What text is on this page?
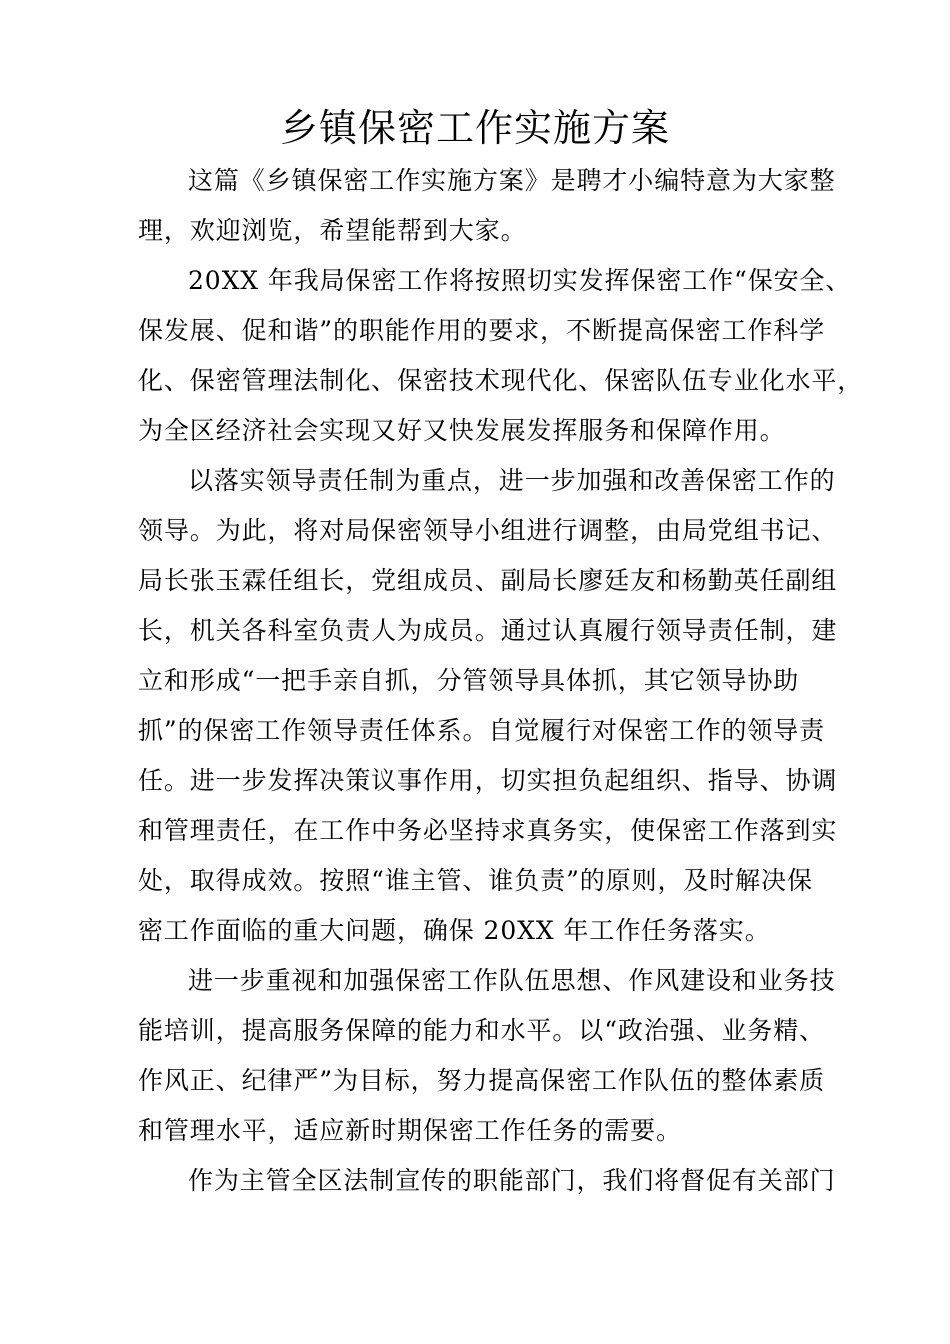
乡镇保密工作实施方案
这篇《乡镇保密工作实施方案》是聘才小编特意为大家整
理，欢迎浏览，希望能帮到大家。
20XX 年我局保密工作将按照切实发挥保密工作“保安全、
保发展、促和谐”的职能作用的要求，不断提高保密工作科学
化、保密管理法制化、保密技术现代化、保密队伍专业化水平，
为全区经济社会实现又好又快发展发挥服务和保障作用。
以落实领导责任制为重点，进一步加强和改善保密工作的
领导。为此，将对局保密领导小组进行调整，由局党组书记、
局长张玉霖任组长，党组成员、副局长廖廷友和杨勤英任副组
长，机关各科室负责人为成员。通过认真履行领导责任制，建
立和形成“一把手亲自抓，分管领导具体抓，其它领导协助
抓”的保密工作领导责任体系。自觉履行对保密工作的领导责
任。进一步发挥决策议事作用，切实担负起组织、指导、协调
和管理责任，在工作中务必坚持求真务实，使保密工作落到实
处，取得成效。按照“谁主管、谁负责”的原则，及时解决保
密工作面临的重大问题，确保 20XX 年工作任务落实。
进一步重视和加强保密工作队伍思想、作风建设和业务技
能培训，提高服务保障的能力和水平。以“政治强、业务精、
作风正、纪律严”为目标，努力提高保密工作队伍的整体素质
和管理水平，适应新时期保密工作任务的需要。
作为主管全区法制宣传的职能部门，我们将督促有关部门
